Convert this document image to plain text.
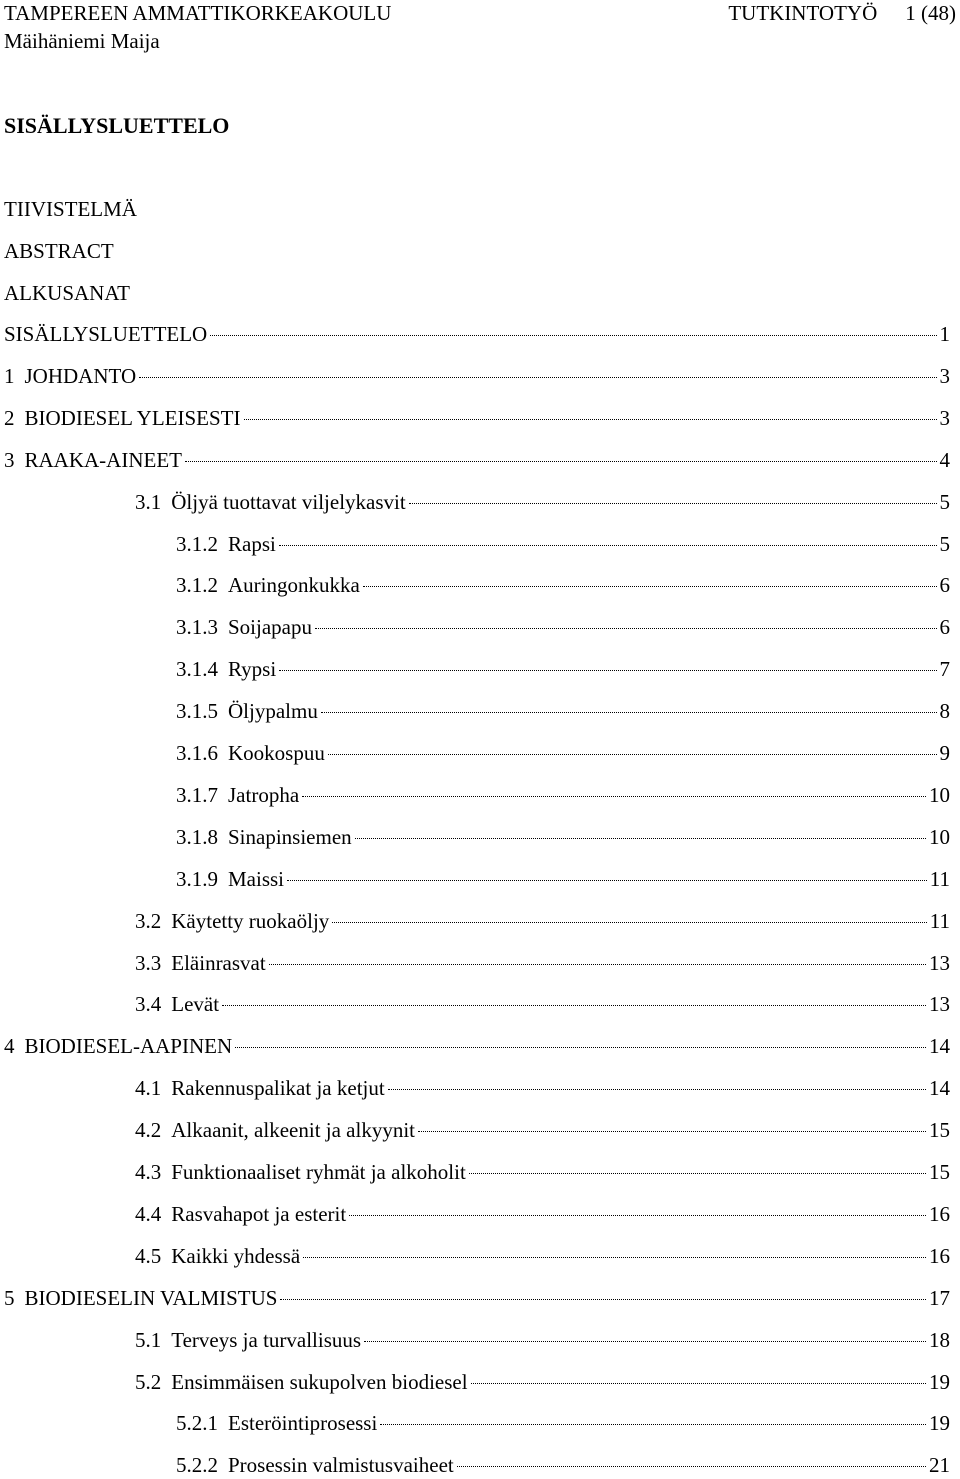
TAMPEREEN AMMATTIKORKEAKOULU
Mäihäniemi Maija
TUTKINTOTYÖ 1 (48)
SISÄLLYSLUETTELO
TIIVISTELMÄ
ABSTRACT
ALKUSANAT
SISÄLLYSLUETTELO	1
1 JOHDANTO	3
2 BIODIESEL YLEISESTI	3
3 RAAKA-AINEET	4
3.1 Öljyä tuottavat viljelykasvit	5
3.1.2 Rapsi	5
3.1.2 Auringonkukka	6
3.1.3 Soijapapu	6
3.1.4 Rypsi	7
3.1.5 Öljypalmu	8
3.1.6 Kookospuu	9
3.1.7 Jatropha	10
3.1.8 Sinapinsiemen	10
3.1.9 Maissi	11
3.2 Käytetty ruokaöljy	11
3.3 Eläinrasvat	13
3.4 Levät	13
4 BIODIESEL-AAPINEN	14
4.1 Rakennuspalikat ja ketjut	14
4.2 Alkaanit, alkeenit ja alkyynit	15
4.3 Funktionaaliset ryhmät ja alkoholit	15
4.4 Rasvahapot ja esterit	16
4.5 Kaikki yhdessä	16
5 BIODIESELIN VALMISTUS	17
5.1 Terveys ja turvallisuus	18
5.2 Ensimmäisen sukupolven biodiesel	19
5.2.1 Esteröintiprosessi	19
5.2.2 Prosessin valmistusvaiheet	21
